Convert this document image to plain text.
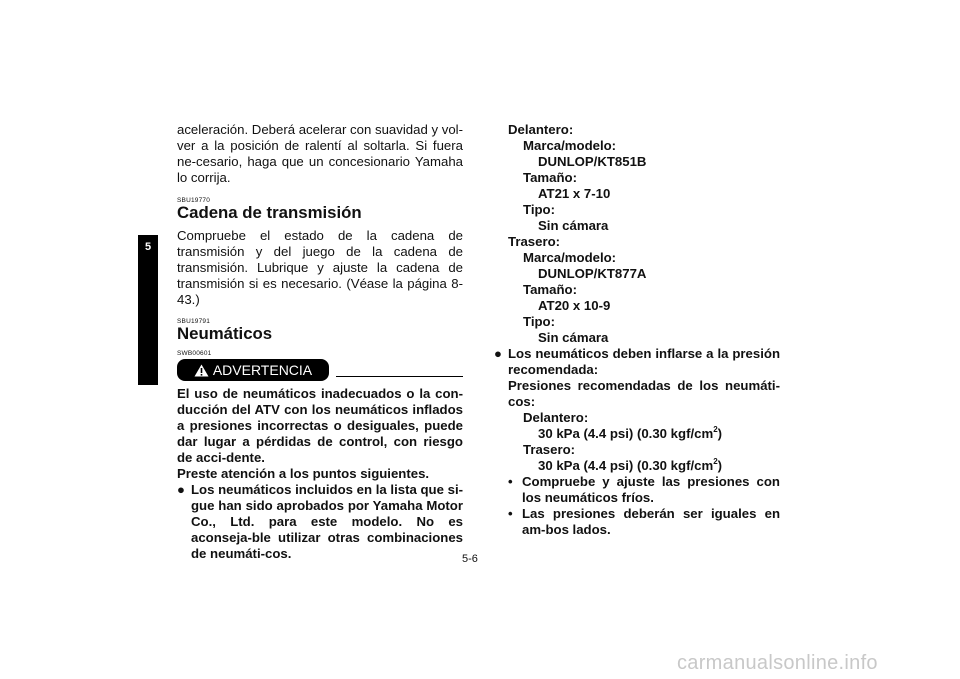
5

aceleración. Deberá acelerar con suavidad y vol-ver a la posición de ralentí al soltarla. Si fuera ne-cesario, haga que un concesionario Yamaha lo corrija.

SBU19770

Cadena de transmisión

Compruebe el estado de la cadena de transmisión y del juego de la cadena de transmisión. Lubrique y ajuste la cadena de transmisión si es necesario. (Véase la página 8-43.)

SBU19791

Neumáticos

SWB00601

ADVERTENCIA

El uso de neumáticos inadecuados o la con-ducción del ATV con los neumáticos inflados a presiones incorrectas o desiguales, puede dar lugar a pérdidas de control, con riesgo de acci-dente.

Preste atención a los puntos siguientes.

● Los neumáticos incluidos en la lista que si-gue han sido aprobados por Yamaha Motor Co., Ltd. para este modelo. No es aconseja-ble utilizar otras combinaciones de neumáti-cos.

Delantero:
Marca/modelo:
DUNLOP/KT851B
Tamaño:
AT21 x 7-10
Tipo:
Sin cámara
Trasero:
Marca/modelo:
DUNLOP/KT877A
Tamaño:
AT20 x 10-9
Tipo:
Sin cámara
● Los neumáticos deben inflarse a la presión recomendada:

Presiones recomendadas de los neumáti-cos:

Delantero:
30 kPa (4.4 psi) (0.30 kgf/$cm^2$)
Trasero:
30 kPa (4.4 psi) (0.30 kgf/$cm^2$)
• Compruebe y ajuste las presiones con los neumáticos fríos.

• Las presiones deberán ser iguales en am-bos lados.

5-6
carmanualsonline.info
